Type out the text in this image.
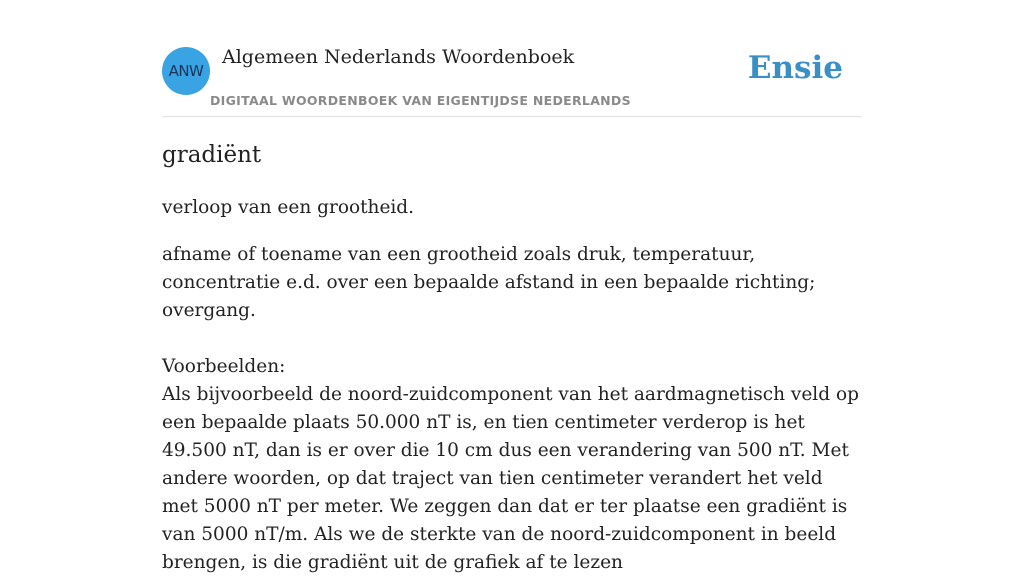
ANW
Algemeen Nederlands Woordenboek
DIGITAAL WOORDENBOEK VAN EIGENTIJDSE NEDERLANDS
Ensie
gradiënt

verloop van een grootheid.

afname of toename van een grootheid zoals druk, temperatuur, concentratie e.d. over een bepaalde afstand in een bepaalde richting; overgang.

Voorbeelden:
Als bijvoorbeeld de noord-zuidcomponent van het aardmagnetisch veld op een bepaalde plaats 50.000 nT is, en tien centimeter verderop is het 49.500 nT, dan is er over die 10 cm dus een verandering van 500 nT. Met andere woorden, op dat traject van tien centimeter verandert het veld met 5000 nT per meter. We zeggen dan dat er ter plaatse een gradiënt is van 5000 nT/m. Als we de sterkte van de noord-zuidcomponent in beeld brengen, is die gradiënt uit de grafiek af te lezen
